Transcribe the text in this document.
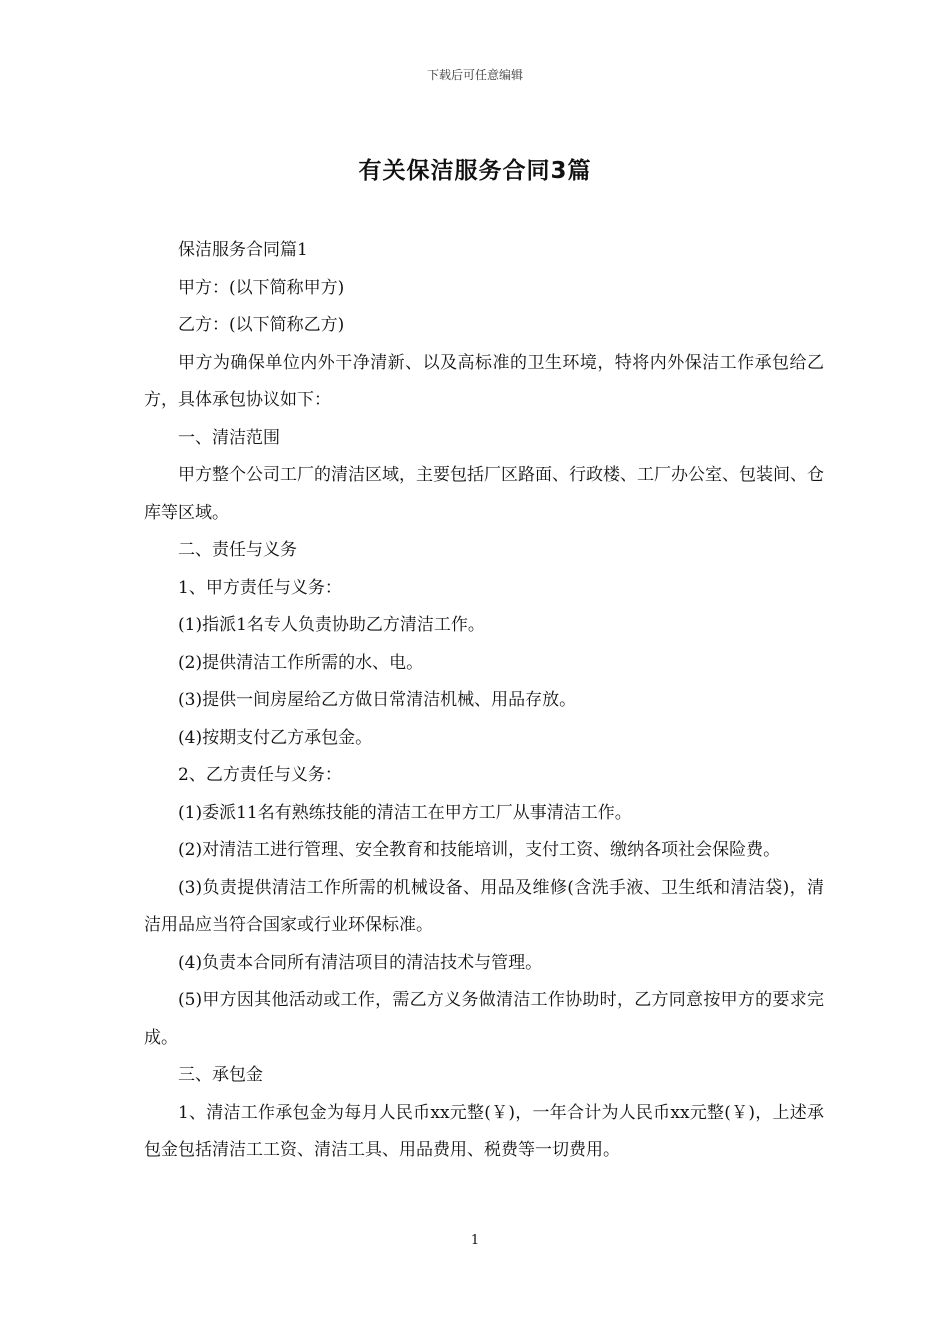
下载后可任意编辑
有关保洁服务合同3篇

保洁服务合同篇1

甲方：(以下简称甲方)

乙方：(以下简称乙方)

甲方为确保单位内外干净清新、以及高标准的卫生环境，特将内外保洁工作承包给乙方，具体承包协议如下：

一、清洁范围

甲方整个公司工厂的清洁区域，主要包括厂区路面、行政楼、工厂办公室、包装间、仓库等区域。

二、责任与义务

1、甲方责任与义务：

(1)指派1名专人负责协助乙方清洁工作。

(2)提供清洁工作所需的水、电。

(3)提供一间房屋给乙方做日常清洁机械、用品存放。

(4)按期支付乙方承包金。

2、乙方责任与义务：

(1)委派11名有熟练技能的清洁工在甲方工厂从事清洁工作。

(2)对清洁工进行管理、安全教育和技能培训，支付工资、缴纳各项社会保险费。

(3)负责提供清洁工作所需的机械设备、用品及维修(含洗手液、卫生纸和清洁袋)，清洁用品应当符合国家或行业环保标准。

(4)负责本合同所有清洁项目的清洁技术与管理。

(5)甲方因其他活动或工作，需乙方义务做清洁工作协助时，乙方同意按甲方的要求完成。

三、承包金

1、清洁工作承包金为每月人民币xx元整(￥)，一年合计为人民币xx元整(￥)，上述承包金包括清洁工工资、清洁工具、用品费用、税费等一切费用。

1
